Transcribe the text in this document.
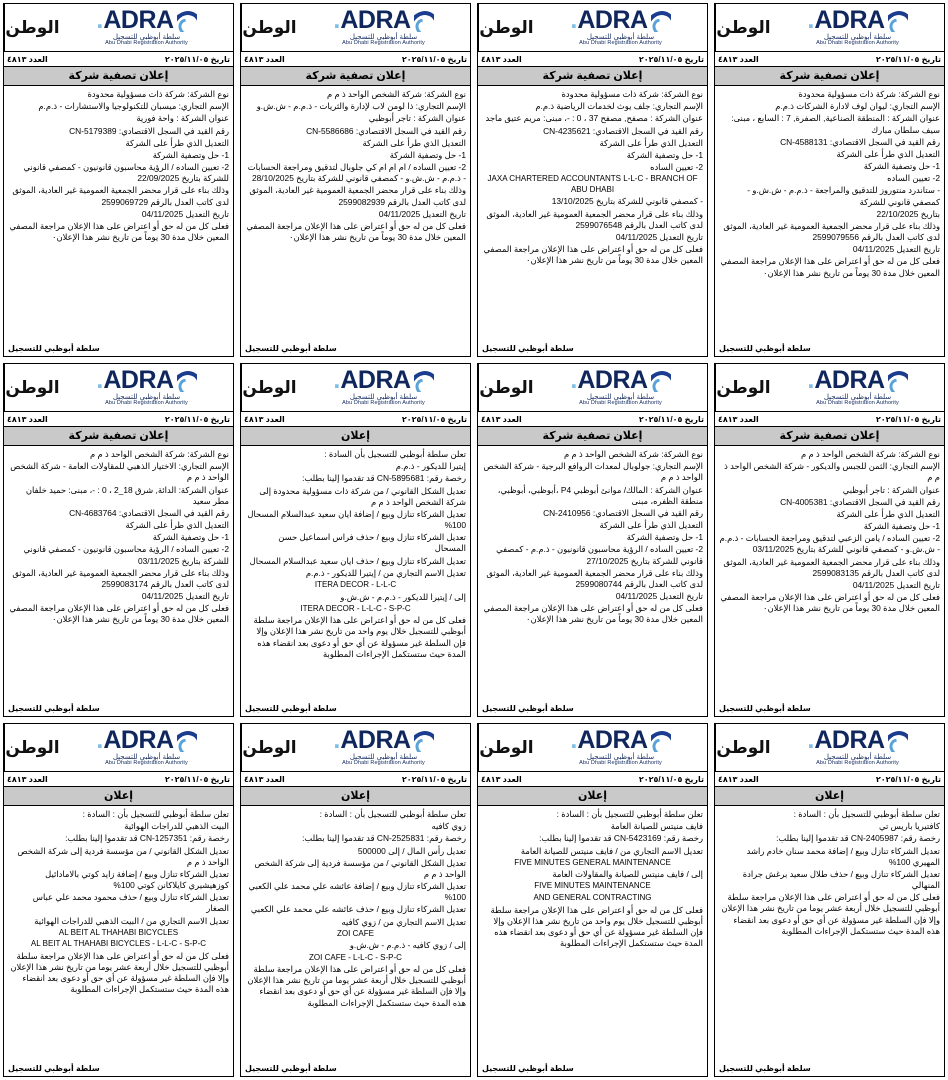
الوطن ADRA
.
سلطة أبوظبي للتسجيل
Abu Dhabi Registration Authority
العدد ٤٨١٣	تاريخ ٢٠٢٥/١١/٠٥
إعلان تصفية شركة

نوع الشركة: شركة ذات مسؤولية محدودة

الإسم التجاري: ليوان لوف لادارة الشركات ذ.م.م

عنوان الشركة : المنطقة الصناعية, الصفرة, 7 : السابع ، مبنى: سيف سلطان مبارك

رقم القيد في السجل الاقتصادي: CN-4588131

التعديل الذي طرأ على الشركة

1- حل وتصفية الشركة

2- تعيين الساده

- ستاندرد منتوروز للتدقيق والمراجعة - ذ.م.م - ش.ش.و - كمصفي قانوني للشركة

بتاريخ 22/10/2025

وذلك بناء على قرار محضر الجمعية العمومية غير العادية، الموثق لدى كاتب العدل بالرقم 2599079556

تاريخ التعديل 04/11/2025

فعلى كل من له حق أو اعتراض على هذا الإعلان مراجعة المصفي المعين خلال مدة 30 يوماً من تاريخ نشر هذا الإعلان٠

سلطة أبوظبي للتسجيل
الوطن ADRA
.
سلطة أبوظبي للتسجيل
Abu Dhabi Registration Authority
العدد ٤٨١٣	تاريخ ٢٠٢٥/١١/٠٥
إعلان تصفية شركة

نوع الشركة: شركة ذات مسؤولية محدودة

الإسم التجاري: جلف يوث لخدمات الرياضية ذ.م.م

عنوان الشركة : مصفح, مصفح 37 ، 0 : -، مبنى: مريم عتيق ماجد

رقم القيد في السجل الاقتصادي: CN-4235621

التعديل الذي طرأ على الشركة

1- حل وتصفية الشركة

2- تعيين الساده

JAXA CHARTERED ACCOUNTANTS L-L-C - BRANCH OF ABU DHABI

- كمصفي قانوني للشركة بتاريخ 13/10/2025

وذلك بناء على قرار محضر الجمعية العمومية غير العادية، الموثق لدى كاتب العدل بالرقم 2599076548

تاريخ التعديل 04/11/2025

فعلى كل من له حق أو اعتراض على هذا الإعلان مراجعة المصفي المعين خلال مدة 30 يوماً من تاريخ نشر هذا الإعلان٠

سلطة أبوظبي للتسجيل
الوطن ADRA
.
سلطة أبوظبي للتسجيل
Abu Dhabi Registration Authority
العدد ٤٨١٣	تاريخ ٢٠٢٥/١١/٠٥
إعلان تصفية شركة

نوع الشركة: شركة الشخص الواحد ذ م م

الإسم التجاري: ذا لومن لاب لإدارة والثريات - ذ.م.م - ش.ش.و

عنوان الشركة : تاجر أبوظبي

رقم القيد في السجل الاقتصادي: CN-5586686

التعديل الذي طرأ على الشركة

1- حل وتصفية الشركة

2- تعيين الساده / ام ام ام كي جلوبال لتدقيق ومراجعة الحسابات - ذ.م.م - ش.ش.و - كمصفي قانوني للشركة بتاريخ 28/10/2025

وذلك بناء على قرار محضر الجمعية العمومية غير العادية، الموثق لدى كاتب العدل بالرقم 2599082939

تاريخ التعديل 04/11/2025

فعلى كل من له حق أو اعتراض على هذا الإعلان مراجعة المصفي المعين خلال مدة 30 يوماً من تاريخ نشر هذا الإعلان٠

سلطة أبوظبي للتسجيل
الوطن ADRA
.
سلطة أبوظبي للتسجيل
Abu Dhabi Registration Authority
العدد ٤٨١٣	تاريخ ٢٠٢٥/١١/٠٥
إعلان تصفية شركة

نوع الشركة: شركة ذات مسؤولية محدودة

الإسم التجاري: ميسبان للتكنولوجيا والاستشارات - ذ.م.م

عنوان الشركة : واحة فورية

رقم القيد في السجل الاقتصادي: CN-5179389

التعديل الذي طرأ على الشركة

1- حل وتصفية الشركة

2- تعيين الساده / الرؤية محاسبون قانونيون - كمصفي قانوني للشركة بتاريخ 22/09/2025

وذلك بناء على قرار محضر الجمعية العمومية غير العادية، الموثق لدى كاتب العدل بالرقم 2599069729

تاريخ التعديل 04/11/2025

فعلى كل من له حق أو اعتراض على هذا الإعلان مراجعة المصفي المعين خلال مدة 30 يوماً من تاريخ نشر هذا الإعلان٠

سلطة أبوظبي للتسجيل
الوطن ADRA
.
سلطة أبوظبي للتسجيل
Abu Dhabi Registration Authority
العدد ٤٨١٣	تاريخ ٢٠٢٥/١١/٠٥
إعلان تصفية شركة

نوع الشركة: شركة الشخص الواحد ذ م م

الإسم التجاري: الثمن للجبس والديكور - شركة الشخص الواحد ذ م م

عنوان الشركة : تاجر أبوظبي

رقم القيد في السجل الاقتصادي: CN-4005381

التعديل الذي طرأ على الشركة

1- حل وتصفية الشركة

2- تعيين الساده / يامن الزعبي لتدقيق ومراجعة الحسابات - ذ.م.م - ش.ش.و - كمصفي قانوني للشركة بتاريخ 03/11/2025

وذلك بناء على قرار محضر الجمعية العمومية غير العادية، الموثق لدى كاتب العدل بالرقم 2599083135

تاريخ التعديل 04/11/2025

فعلى كل من له حق أو اعتراض على هذا الإعلان مراجعة المصفي المعين خلال مدة 30 يوماً من تاريخ نشر هذا الإعلان٠

سلطة أبوظبي للتسجيل
الوطن ADRA
.
سلطة أبوظبي للتسجيل
Abu Dhabi Registration Authority
العدد ٤٨١٣	تاريخ ٢٠٢٥/١١/٠٥
إعلان تصفية شركة

نوع الشركة: شركة الشخص الواحد ذ م م

الإسم التجاري: جولوبال لمعدات الروافع البرجية - شركة الشخص الواحد ذ م م

عنوان الشركة : المالك/ موانئ أبوظبي P4 ،أبوظبي، أبوظبي، منطقة الظفره، مبنى

رقم القيد في السجل الاقتصادي: CN-2410956

التعديل الذي طرأ على الشركة

1- حل وتصفية الشركة

2- تعيين الساده / الرؤية محاسبون قانونيون - ذ.م.م - كمصفي قانوني للشركة بتاريخ 27/10/2025

وذلك بناء على قرار محضر الجمعية العمومية غير العادية، الموثق لدى كاتب العدل بالرقم 2599080744

تاريخ التعديل 04/11/2025

فعلى كل من له حق أو اعتراض على هذا الإعلان مراجعة المصفي المعين خلال مدة 30 يوماً من تاريخ نشر هذا الإعلان٠

سلطة أبوظبي للتسجيل
الوطن ADRA
.
سلطة أبوظبي للتسجيل
Abu Dhabi Registration Authority
العدد ٤٨١٣	تاريخ ٢٠٢٥/١١/٠٥
إعلان

تعلن سلطة أبوظبي للتسجيل بأن السادة :

إيتيرا للديكور - ذ.م.م

رخصة رقم: CN-5895681 قد تقدموا إلينا بطلب:

تعديل الشكل القانوني / من شركة ذات مسؤولية محدودة إلى شركة الشخص الواحد ذ م م

تعديل الشركاء تنازل وبيع / إضافة ايان سعيد عبدالسلام المسحال 100%

تعديل الشركاء تنازل وبيع / حذف فراس اسماعيل حسن المسحال

تعديل الشركاء تنازل وبيع / حذف ايان سعيد عبدالسلام المسحال

تعديل الاسم التجاري من / إيتيرا للديكور - ذ.م.م

ITERA DECOR - L-L-C

إلى / إيتيرا للديكور - ذ.م.م - ش.ش.و

ITERA DECOR - L-L-C - S-P-C

فعلى كل من له حق أو اعتراض على هذا الإعلان مراجعة سلطة أبوظبي للتسجيل خلال يوم واحد من تاريخ نشر هذا الإعلان وإلا فإن السلطة غير مسؤولة عن أي حق أو دعوى بعد انقضاء هذه المدة حيث ستستكمل الإجراءات المطلوبة

سلطة أبوظبي للتسجيل
الوطن ADRA
.
سلطة أبوظبي للتسجيل
Abu Dhabi Registration Authority
العدد ٤٨١٣	تاريخ ٢٠٢٥/١١/٠٥
إعلان تصفية شركة

نوع الشركة: شركة الشخص الواحد ذ م م

الإسم التجاري: الاختيار الذهبي للمقاولات العامة - شركة الشخص الواحد ذ م م

عنوان الشركة: الدائة, شرق 18_2 ، 0 : -، مبنى: حميد خلفان مطر سعيد

رقم القيد في السجل الاقتصادي: CN-4683764

التعديل الذي طرأ على الشركة

1- حل وتصفية الشركة

2- تعيين الساده / الرؤية محاسبون قانونيون - كمصفي قانوني للشركة بتاريخ 03/11/2025

وذلك بناء على قرار محضر الجمعية العمومية غير العادية، الموثق لدى كاتب العدل بالرقم 2599083174

تاريخ التعديل 04/11/2025

فعلى كل من له حق أو اعتراض على هذا الإعلان مراجعة المصفي المعين خلال مدة 30 يوماً من تاريخ نشر هذا الإعلان٠

سلطة أبوظبي للتسجيل
الوطن ADRA
.
سلطة أبوظبي للتسجيل
Abu Dhabi Registration Authority
العدد ٤٨١٣	تاريخ ٢٠٢٥/١١/٠٥
إعلان

تعلن سلطة أبوظبي للتسجيل بأن : السادة :

كافتيريا باريس تي

رخصة رقم: CN-2405987 قد تقدموا إلينا بطلب:

تعديل الشركاء تنازل وبيع / إضافة محمد سنان خادم راشد المهيري 100%

تعديل الشركاء تنازل وبيع / حذف طلال سعيد برغش جرادة المنهالي

فعلى كل من له حق أو اعتراض على هذا الإعلان مراجعة سلطة أبوظبي للتسجيل خلال أربعة عشر يوما من تاريخ نشر هذا الإعلان وإلا فإن السلطة غير مسؤولة عن أي حق أو دعوى بعد انقضاء هذه المدة حيث ستستكمل الإجراءات المطلوبة

سلطة أبوظبي للتسجيل
الوطن ADRA
.
سلطة أبوظبي للتسجيل
Abu Dhabi Registration Authority
العدد ٤٨١٣	تاريخ ٢٠٢٥/١١/٠٥
إعلان

تعلن سلطة أبوظبي للتسجيل بأن : السادة :

فايف منيتس للصيانة العامة

رخصة رقم: CN-5423169 قد تقدموا إلينا بطلب:

تعديل الاسم التجاري من / فايف منيتس للصيانة العامة

FIVE MINUTES GENERAL MAINTENANCE

إلى / فايف منيتس للصيانة والمقاولات العامة

FIVE MINUTES MAINTENANCE

AND GENERAL CONTRACTING

فعلى كل من له حق أو اعتراض على هذا الإعلان مراجعة سلطة أبوظبي للتسجيل خلال يوم واحد من تاريخ نشر هذا الإعلان وإلا فإن السلطة غير مسؤولة عن أي حق أو دعوى بعد انقضاء هذه المدة حيث ستستكمل الإجراءات المطلوبة

سلطة أبوظبي للتسجيل
الوطن ADRA
.
سلطة أبوظبي للتسجيل
Abu Dhabi Registration Authority
العدد ٤٨١٣	تاريخ ٢٠٢٥/١١/٠٥
إعلان

تعلن سلطة أبوظبي للتسجيل بأن : السادة :

زوي كافيه

رخصة رقم: CN-2525831 قد تقدموا إلينا بطلب:

تعديل رأس المال / إلى 500000

تعديل الشكل القانوني / من مؤسسة فردية إلى شركة الشخص الواحد ذ م م

تعديل الشركاء تنازل وبيع / إضافة عائشه علي محمد علي الكعبي 100%

تعديل الشركاء تنازل وبيع / حذف عائشه علي محمد علي الكعبي

تعديل الاسم التجاري من / زوي كافيه

ZOI CAFE

إلى / زوي كافيه - ذ.م.م - ش.ش.و

ZOI CAFE - L-L-C - S-P-C

فعلى كل من له حق أو اعتراض على هذا الإعلان مراجعة سلطة أبوظبي للتسجيل خلال أربعة عشر يوما من تاريخ نشر هذا الإعلان وإلا فإن السلطة غير مسؤولة عن أي حق أو دعوى بعد انقضاء هذه المدة حيث ستستكمل الإجراءات المطلوبة

سلطة أبوظبي للتسجيل
الوطن ADRA
.
سلطة أبوظبي للتسجيل
Abu Dhabi Registration Authority
العدد ٤٨١٣	تاريخ ٢٠٢٥/١١/٠٥
إعلان

تعلن سلطة أبوظبي للتسجيل بأن : السادة :

البيت الذهبي للدراجات الهوائية

رخصة رقم: CN-1257351 قد تقدموا إلينا بطلب:

تعديل الشكل القانوني / من مؤسسة فردية إلى شركة الشخص الواحد ذ م م

تعديل الشركاء تنازل وبيع / إضافة زايد كوتي بالامادائيل كوزهيشيري كايلاكانن كوتي 100%

تعديل الشركاء تنازل وبيع / حذف محمود محمد علي عباس الصغار

تعديل الاسم التجاري من / البيت الذهبي للدراجات الهوائية

AL BEIT AL THAHABI BICYCLES

AL BEIT AL THAHABI BICYCLES - L-L-C - S-P-C

فعلى كل من له حق أو اعتراض على هذا الإعلان مراجعة سلطة أبوظبي للتسجيل خلال أربعة عشر يوما من تاريخ نشر هذا الإعلان وإلا فإن السلطة غير مسؤولة عن أي حق أو دعوى بعد انقضاء هذه المدة حيث ستستكمل الإجراءات المطلوبة

سلطة أبوظبي للتسجيل
